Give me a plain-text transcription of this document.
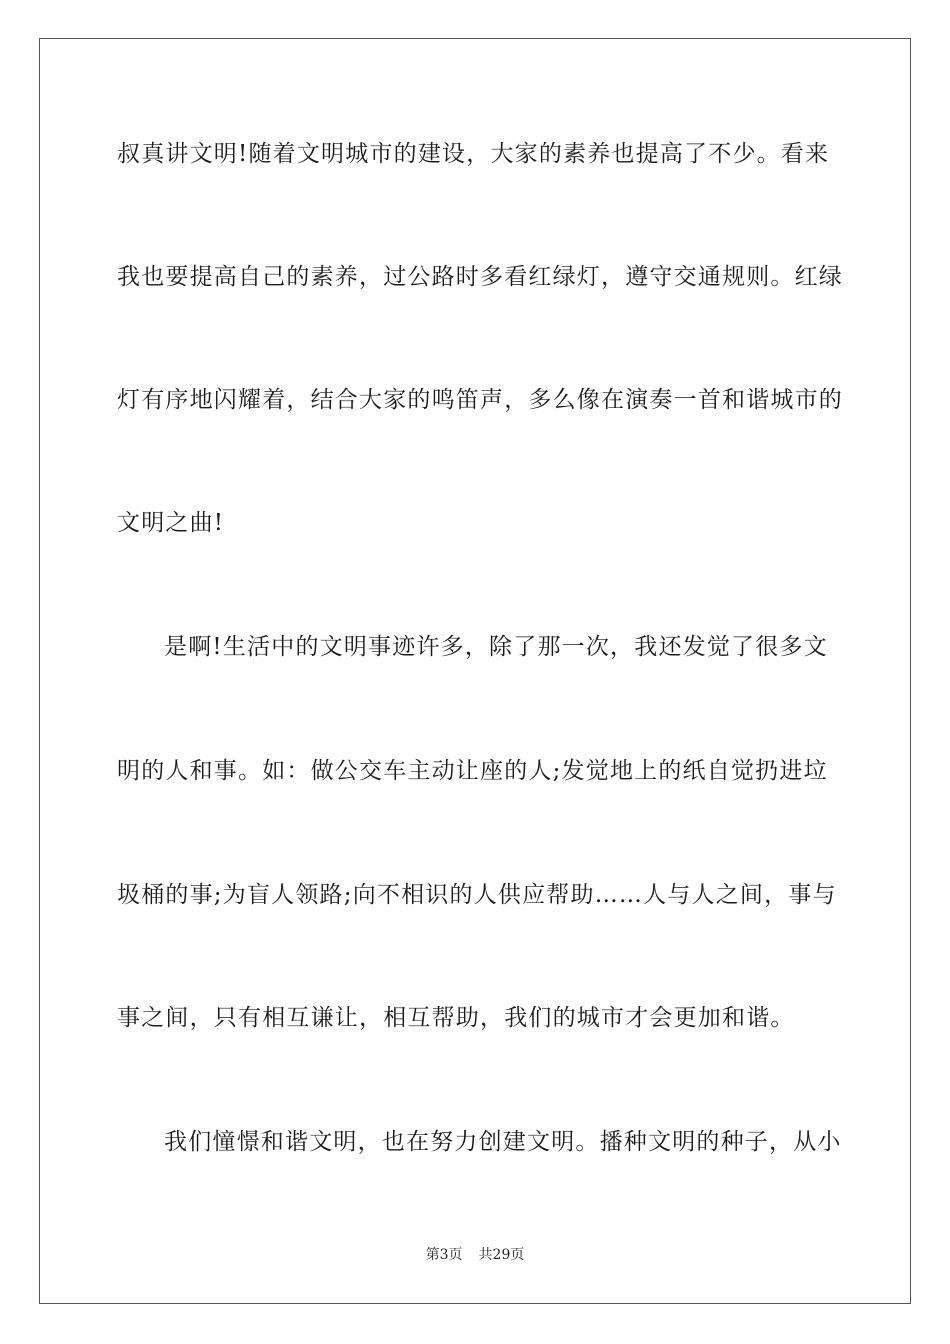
叔真讲文明!随着文明城市的建设，大家的素养也提高了不少。看来
我也要提高自己的素养，过公路时多看红绿灯，遵守交通规则。红绿
灯有序地闪耀着，结合大家的鸣笛声，多么像在演奏一首和谐城市的
文明之曲!
是啊!生活中的文明事迹许多，除了那一次，我还发觉了很多文
明的人和事。如：做公交车主动让座的人;发觉地上的纸自觉扔进垃
圾桶的事;为盲人领路;向不相识的人供应帮助……人与人之间，事与
事之间，只有相互谦让，相互帮助，我们的城市才会更加和谐。
我们憧憬和谐文明，也在努力创建文明。播种文明的种子，从小
第3页 共29页
